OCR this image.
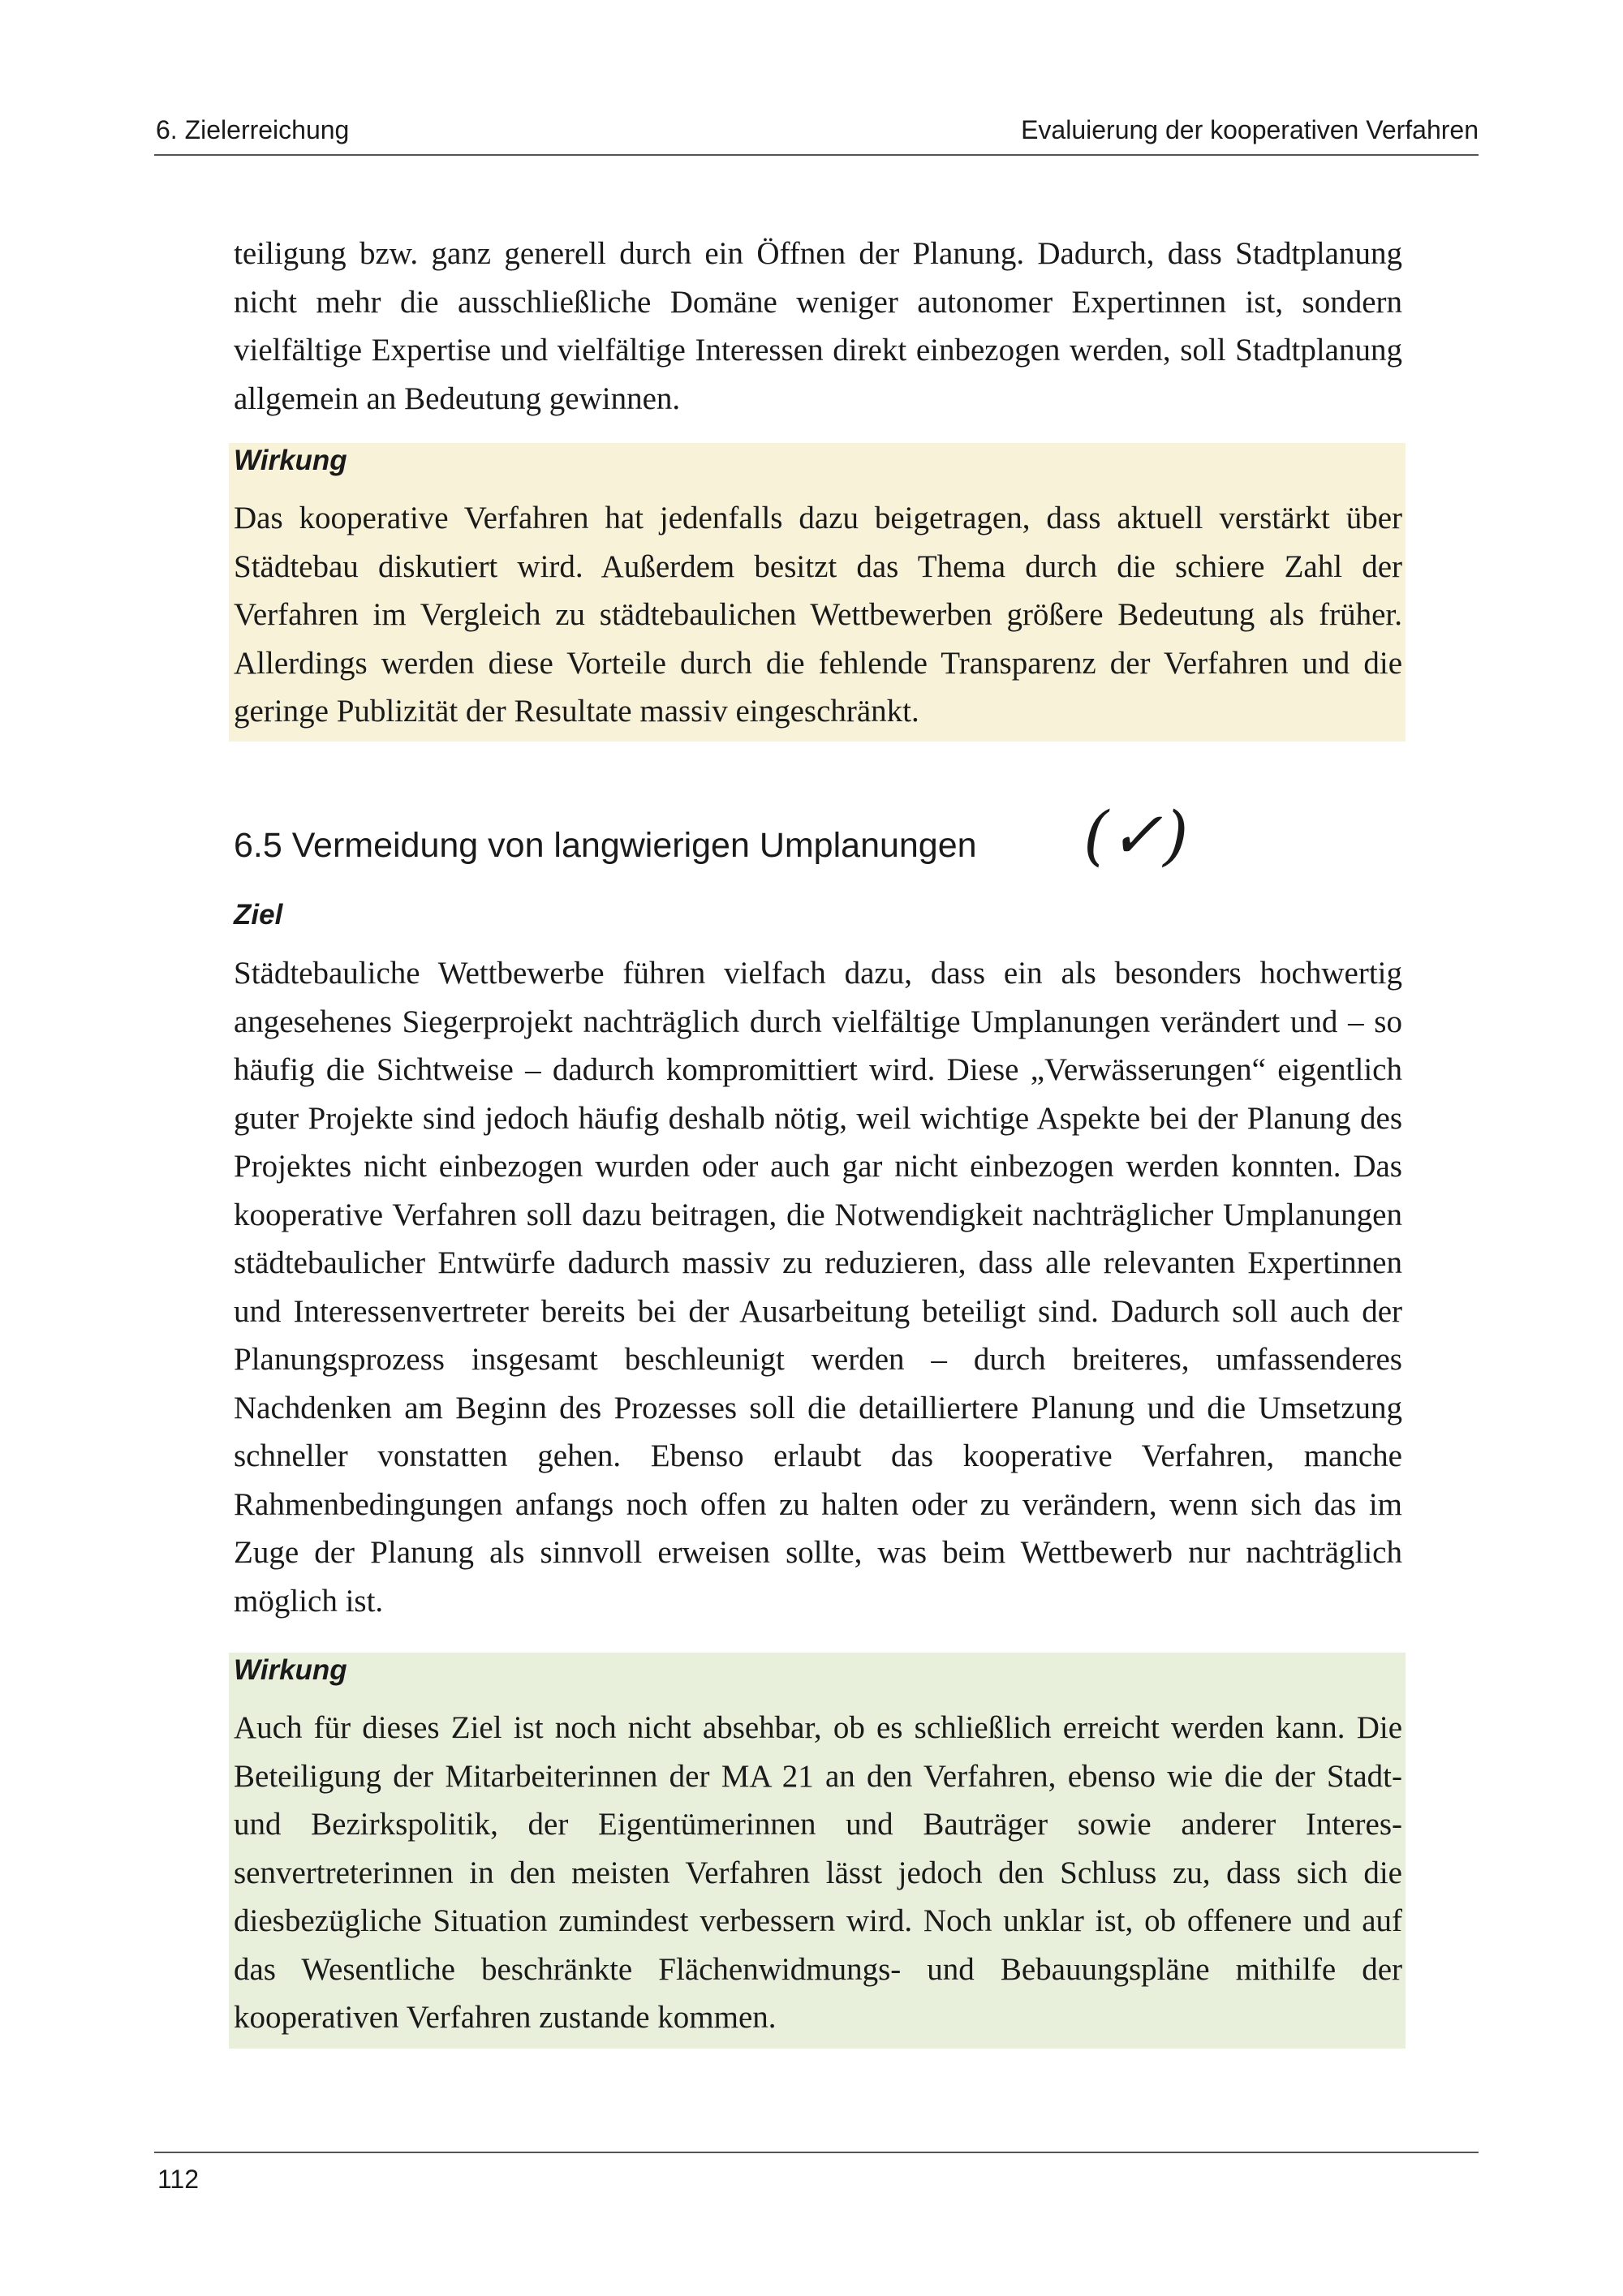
6. Zielerreichung	Evaluierung der kooperativen Verfahren

teiligung bzw. ganz generell durch ein Öffnen der Planung. Dadurch, dass Stadtplanung nicht mehr die ausschließliche Domäne weniger autonomer Expertinnen ist, sondern vielfältige Expertise und vielfältige Interessen direkt einbezogen werden, soll Stadtplanung allgemein an Bedeutung gewinnen.

Wirkung

Das kooperative Verfahren hat jedenfalls dazu beigetragen, dass aktuell verstärkt über Städtebau diskutiert wird. Außerdem besitzt das Thema durch die schiere Zahl der Verfahren im Vergleich zu städtebaulichen Wettbewerben größere Bedeutung als früher. Allerdings werden diese Vorteile durch die fehlende Transparenz der Verfahren und die geringe Publizität der Resultate massiv eingeschränkt.

6.5 Vermeidung von langwierigen Umplanungen (✓)
Ziel

Städtebauliche Wettbewerbe führen vielfach dazu, dass ein als besonders hochwertig angesehenes Siegerprojekt nachträglich durch vielfältige Umplanungen verändert und – so häufig die Sichtweise – dadurch kompromittiert wird. Diese „Verwässerungen“ eigentlich guter Projekte sind jedoch häufig deshalb nötig, weil wichtige Aspekte bei der Planung des Projektes nicht einbezogen wurden oder auch gar nicht einbezogen werden konnten. Das kooperative Verfahren soll dazu beitragen, die Notwendigkeit nachträglicher Umplanungen städtebaulicher Entwürfe dadurch massiv zu reduzieren, dass alle relevanten Expertinnen und Interessenvertreter bereits bei der Ausarbeitung beteiligt sind. Dadurch soll auch der Planungsprozess insgesamt beschleunigt werden – durch breiteres, umfassenderes Nachdenken am Beginn des Prozesses soll die detailliertere Planung und die Umsetzung schneller vonstatten gehen. Ebenso erlaubt das kooperative Verfahren, manche Rahmenbedingungen anfangs noch offen zu halten oder zu verändern, wenn sich das im Zuge der Planung als sinnvoll erweisen sollte, was beim Wettbewerb nur nachträglich möglich ist.

Wirkung

Auch für dieses Ziel ist noch nicht absehbar, ob es schließlich erreicht werden kann. Die Beteiligung der Mitarbeiterinnen der MA 21 an den Verfahren, ebenso wie die der Stadt- und Bezirkspolitik, der Eigentümerinnen und Bauträger sowie anderer Interessenvertreterinnen in den meisten Verfahren lässt jedoch den Schluss zu, dass sich die diesbezügliche Situation zumindest verbessern wird. Noch unklar ist, ob offenere und auf das Wesentliche beschränkte Flächenwidmungs- und Bebauungspläne mithilfe der kooperativen Verfahren zustande kommen.

112
